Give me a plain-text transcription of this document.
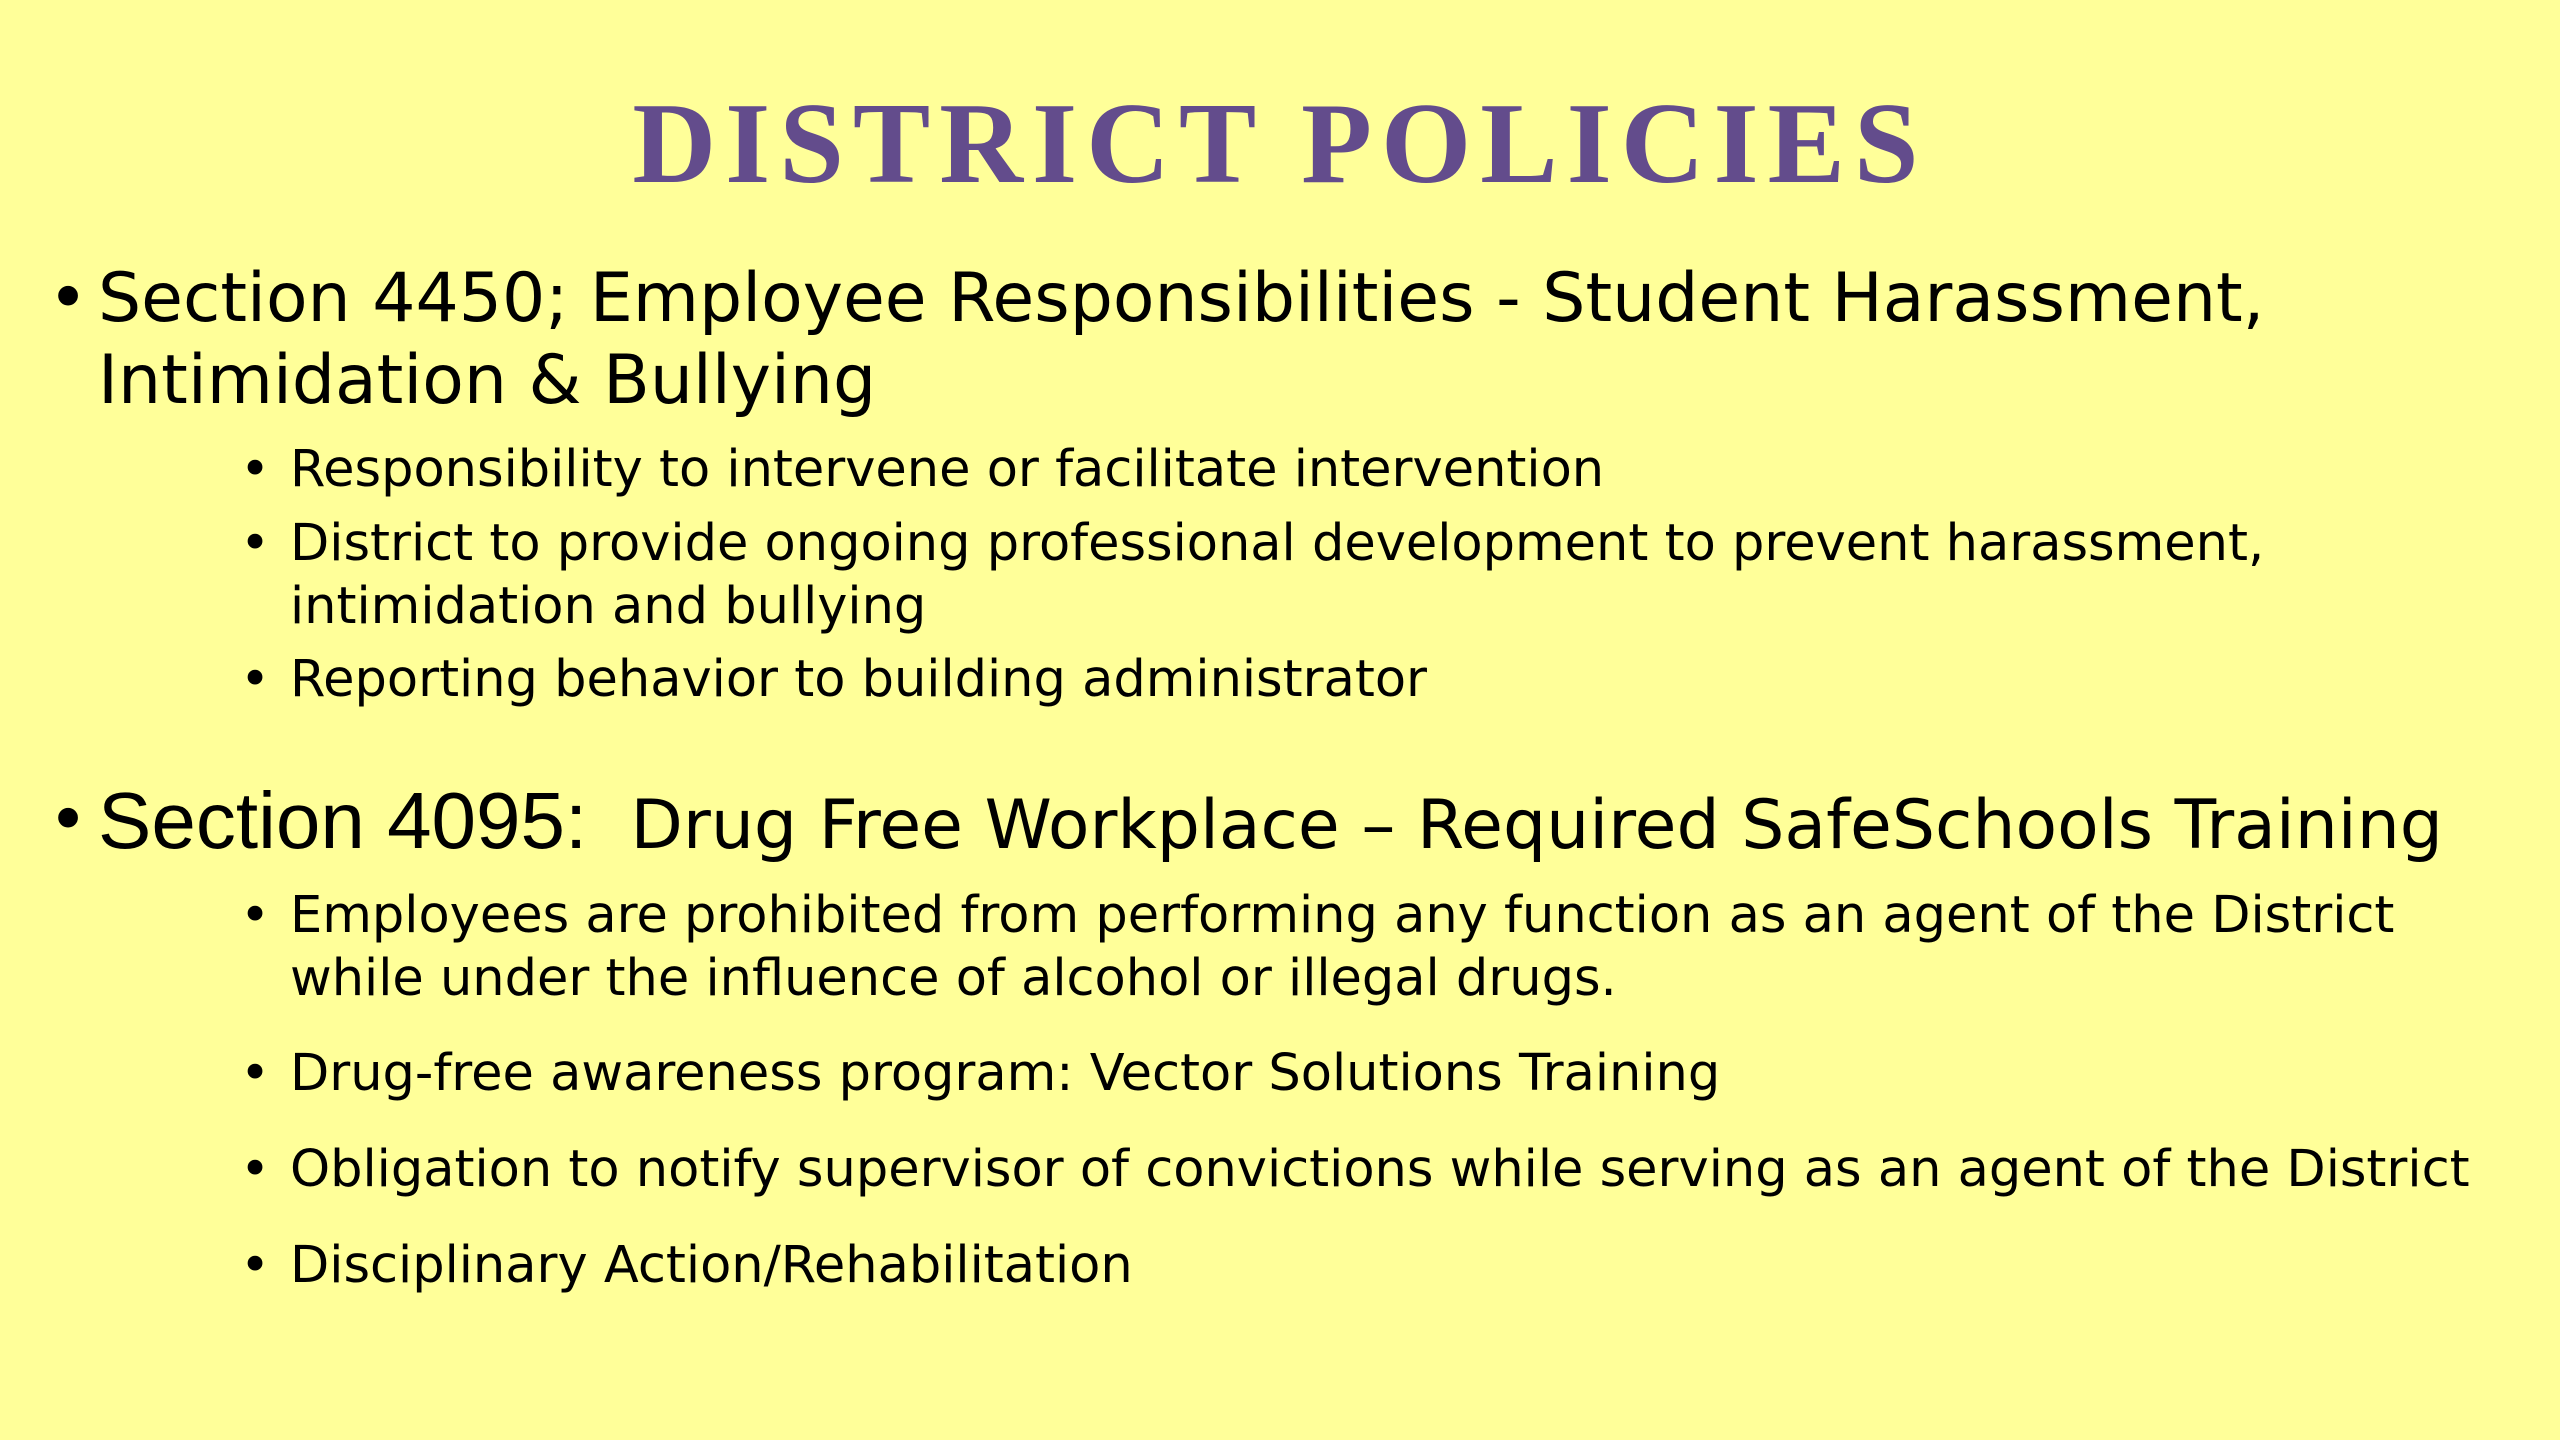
DISTRICT POLICIES
• Section 4450; Employee Responsibilities - Student Harassment, Intimidation & Bullying
• Responsibility to intervene or facilitate intervention
• District to provide ongoing professional development to prevent harassment, intimidation and bullying
• Reporting behavior to building administrator
• Section 4095: Drug Free Workplace – Required SafeSchools Training
• Employees are prohibited from performing any function as an agent of the District while under the influence of alcohol or illegal drugs.
• Drug-free awareness program: Vector Solutions Training
• Obligation to notify supervisor of convictions while serving as an agent of the District
• Disciplinary Action/Rehabilitation
